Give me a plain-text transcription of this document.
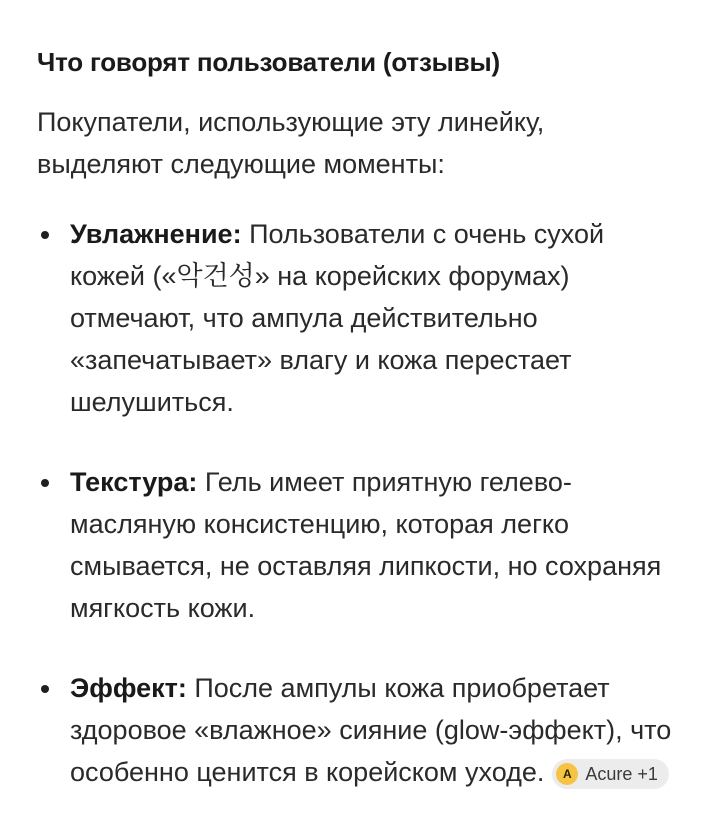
Что говорят пользователи (отзывы)

Покупатели, использующие эту линейку, выделяют следующие моменты:

Увлажнение: Пользователи с очень сухой кожей («악건성» на корейских форумах) отмечают, что ампула действительно «запечатывает» влагу и кожа перестает шелушиться.
Текстура: Гель имеет приятную гелево-масляную консистенцию, которая легко смывается, не оставляя липкости, но сохраняя мягкость кожи.
Эффект: После ампулы кожа приобретает здоровое «влажное» сияние (glow-эффект), что особенно ценится в корейском уходе.	A Acure +1
